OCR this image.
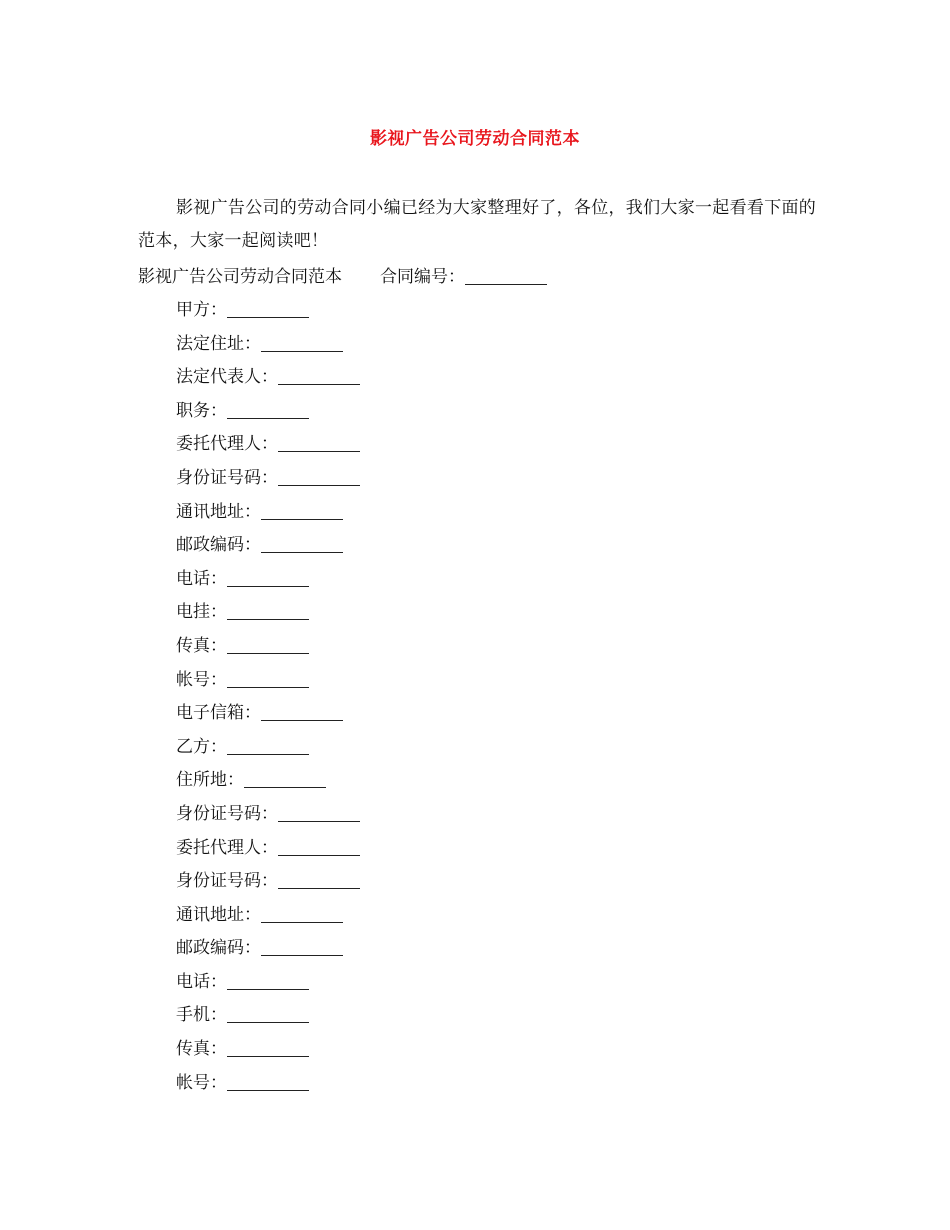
影视广告公司劳动合同范本
影视广告公司的劳动合同小编已经为大家整理好了，各位，我们大家一起看看下面的范本，大家一起阅读吧！
影视广告公司劳动合同范本 合同编号：
甲方：
法定住址：
法定代表人：
职务：
委托代理人：
身份证号码：
通讯地址：
邮政编码：
电话：
电挂：
传真：
帐号：
电子信箱：
乙方：
住所地：
身份证号码：
委托代理人：
身份证号码：
通讯地址：
邮政编码：
电话：
手机：
传真：
帐号：
